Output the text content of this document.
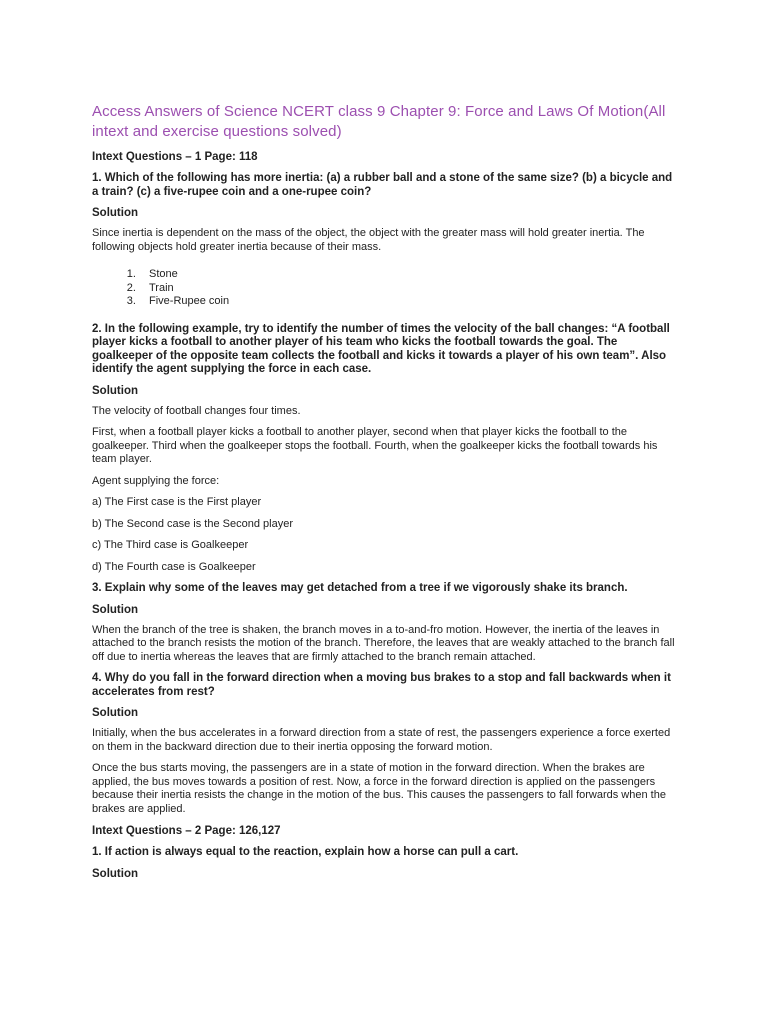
Access Answers of Science NCERT class 9 Chapter 9: Force and Laws Of Motion(All intext and exercise questions solved)
Intext Questions – 1 Page: 118
1. Which of the following has more inertia: (a) a rubber ball and a stone of the same size? (b) a bicycle and a train? (c) a five-rupee coin and a one-rupee coin?
Solution
Since inertia is dependent on the mass of the object, the object with the greater mass will hold greater inertia. The following objects hold greater inertia because of their mass.
1. Stone
2. Train
3. Five-Rupee coin
2. In the following example, try to identify the number of times the velocity of the ball changes: “A football player kicks a football to another player of his team who kicks the football towards the goal. The goalkeeper of the opposite team collects the football and kicks it towards a player of his own team”. Also identify the agent supplying the force in each case.
Solution
The velocity of football changes four times.
First, when a football player kicks a football to another player, second when that player kicks the football to the goalkeeper. Third when the goalkeeper stops the football. Fourth, when the goalkeeper kicks the football towards his team player.
Agent supplying the force:
a) The First case is the First player
b) The Second case is the Second player
c) The Third case is Goalkeeper
d) The Fourth case is Goalkeeper
3. Explain why some of the leaves may get detached from a tree if we vigorously shake its branch.
Solution
When the branch of the tree is shaken, the branch moves in a to-and-fro motion. However, the inertia of the leaves in attached to the branch resists the motion of the branch. Therefore, the leaves that are weakly attached to the branch fall off due to inertia whereas the leaves that are firmly attached to the branch remain attached.
4. Why do you fall in the forward direction when a moving bus brakes to a stop and fall backwards when it accelerates from rest?
Solution
Initially, when the bus accelerates in a forward direction from a state of rest, the passengers experience a force exerted on them in the backward direction due to their inertia opposing the forward motion.
Once the bus starts moving, the passengers are in a state of motion in the forward direction. When the brakes are applied, the bus moves towards a position of rest. Now, a force in the forward direction is applied on the passengers because their inertia resists the change in the motion of the bus. This causes the passengers to fall forwards when the brakes are applied.
Intext Questions – 2 Page: 126,127
1. If action is always equal to the reaction, explain how a horse can pull a cart.
Solution
